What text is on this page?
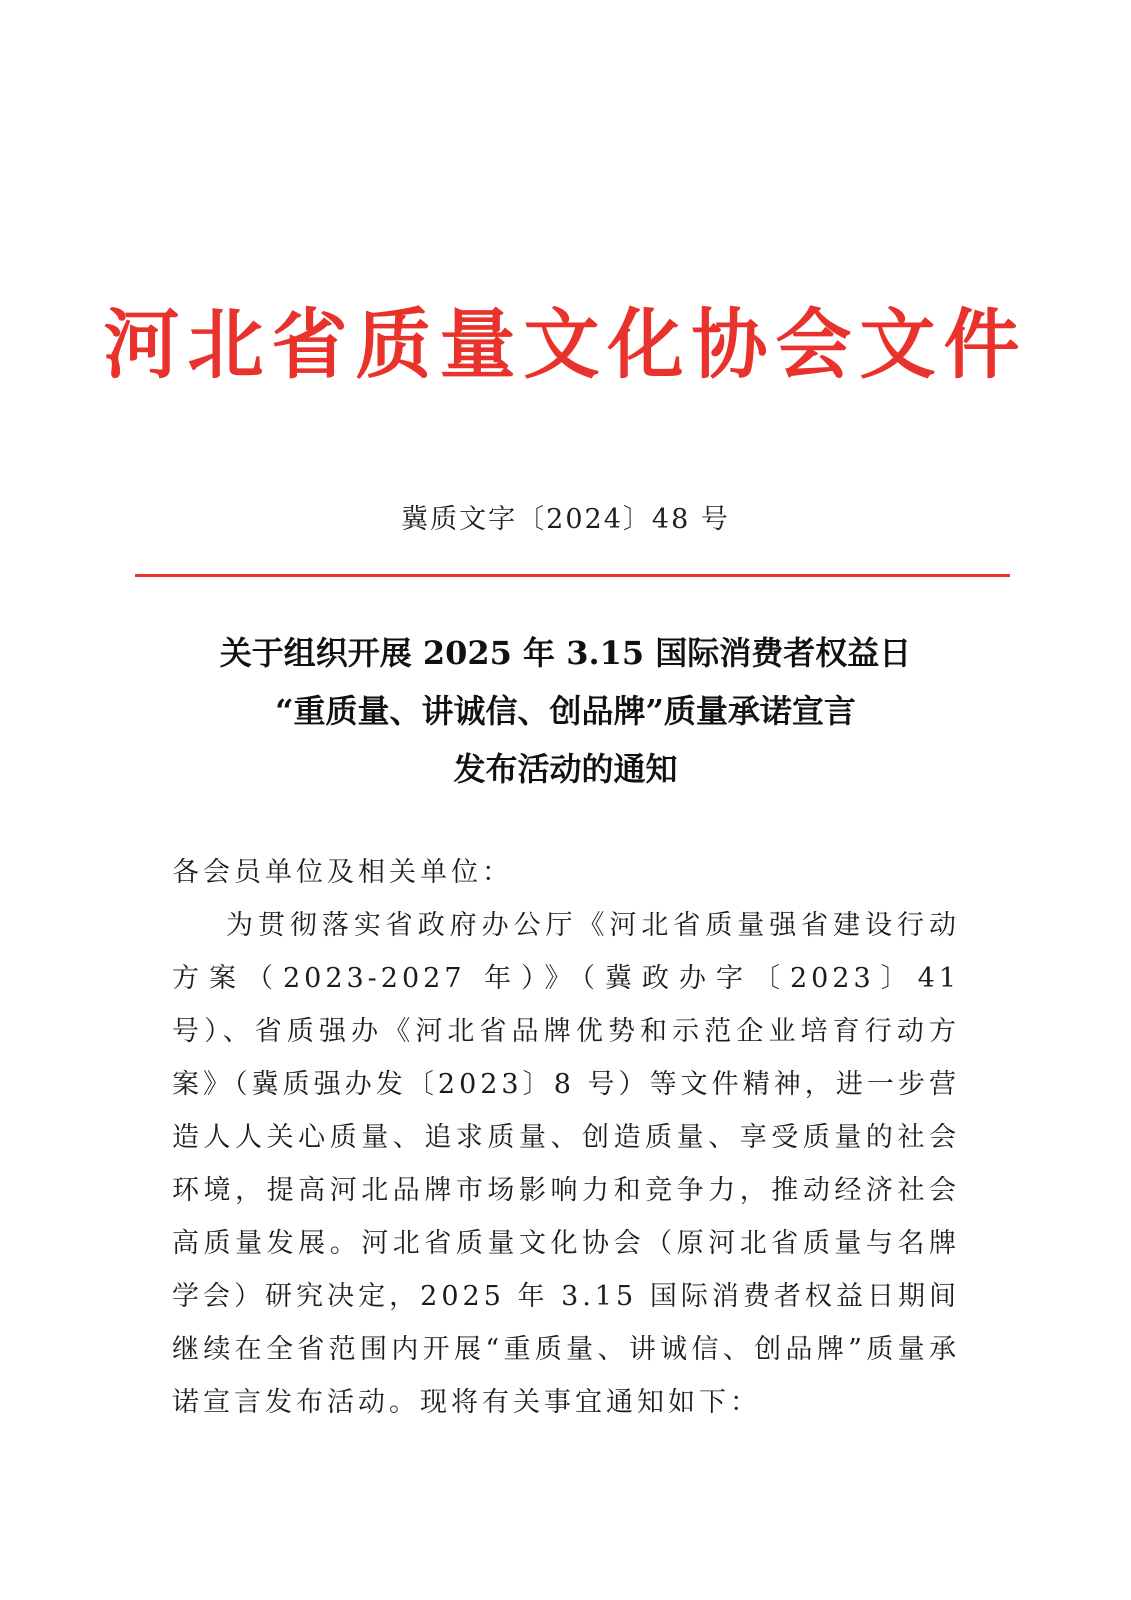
河北省质量文化协会文件
冀质文字〔2024〕48 号
关于组织开展 2025 年 3.15 国际消费者权益日
“重质量、讲诚信、创品牌”质量承诺宣言
发布活动的通知

各会员单位及相关单位：

为贯彻落实省政府办公厅《河北省质量强省建设行动方案（2023-2027 年）》（冀政办字〔2023〕41 号）、省质强办《河北省品牌优势和示范企业培育行动方案》（冀质强办发〔2023〕8 号）等文件精神，进一步营造人人关心质量、追求质量、创造质量、享受质量的社会环境，提高河北品牌市场影响力和竞争力，推动经济社会高质量发展。河北省质量文化协会（原河北省质量与名牌学会）研究决定，2025 年 3.15 国际消费者权益日期间继续在全省范围内开展“重质量、讲诚信、创品牌”质量承诺宣言发布活动。现将有关事宜通知如下：
